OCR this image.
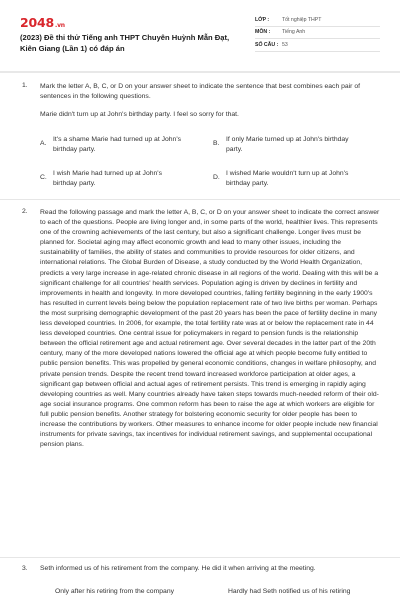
2048.vn
(2023) Đề thi thử Tiếng anh THPT Chuyên Huỳnh Mẫn Đạt, Kiên Giang (Lần 1) có đáp án
LỚP :	Tốt nghiệp THPT
MÔN :	Tiếng Anh
SỐ CÂU : 53
1. Mark the letter A, B, C, or D on your answer sheet to indicate the sentence that best combines each pair of sentences in the following questions.
Marie didn't turn up at John's birthday party. I feel so sorry for that.
A.
It's a shame Marie had turned up at John's birthday party.
B.
If only Marie turned up at John's birthday party.
C.
I wish Marie had turned up at John's birthday party.
D.
I wished Marie wouldn't turn up at John's birthday party.
2. Read the following passage and mark the letter A, B, C, or D on your answer sheet to indicate the correct answer to each of the questions. People are living longer and, in some parts of the world, healthier lives. This represents one of the crowning achievements of the last century, but also a significant challenge. Longer lives must be planned for. Societal aging may affect economic growth and lead to many other issues, including the sustainability of families, the ability of states and communities to provide resources for older citizens, and international relations. The Global Burden of Disease, a study conducted by the World Health Organization, predicts a very large increase in age-related chronic disease in all regions of the world. Dealing with this will be a significant challenge for all countries' health services. Population aging is driven by declines in fertility and improvements in health and longevity. In more developed countries, falling fertility beginning in the early 1900's has resulted in current levels being below the population replacement rate of two live births per woman. Perhaps the most surprising demographic development of the past 20 years has been the pace of fertility decline in many less developed countries. In 2006, for example, the total fertility rate was at or below the replacement rate in 44 less developed countries. One central issue for policymakers in regard to pension funds is the relationship between the official retirement age and actual retirement age. Over several decades in the latter part of the 20th century, many of the more developed nations lowered the official age at which people become fully entitled to public pension benefits. This was propelled by general economic conditions, changes in welfare philosophy, and private pension trends. Despite the recent trend toward increased workforce participation at older ages, a significant gap between official and actual ages of retirement persists. This trend is emerging in rapidly aging developing countries as well. Many countries already have taken steps towards much-needed reform of their old-age social insurance programs. One common reform has been to raise the age at which workers are eligible for full public pension benefits. Another strategy for bolstering economic security for older people has been to increase the contributions by workers. Other measures to enhance income for older people include new financial instruments for private savings, tax incentives for individual retirement savings, and supplemental occupational pension plans.
3. Seth informed us of his retirement from the company. He did it when arriving at the meeting.
Only after his retiring from the company	Hardly had Seth notified us of his retiring
